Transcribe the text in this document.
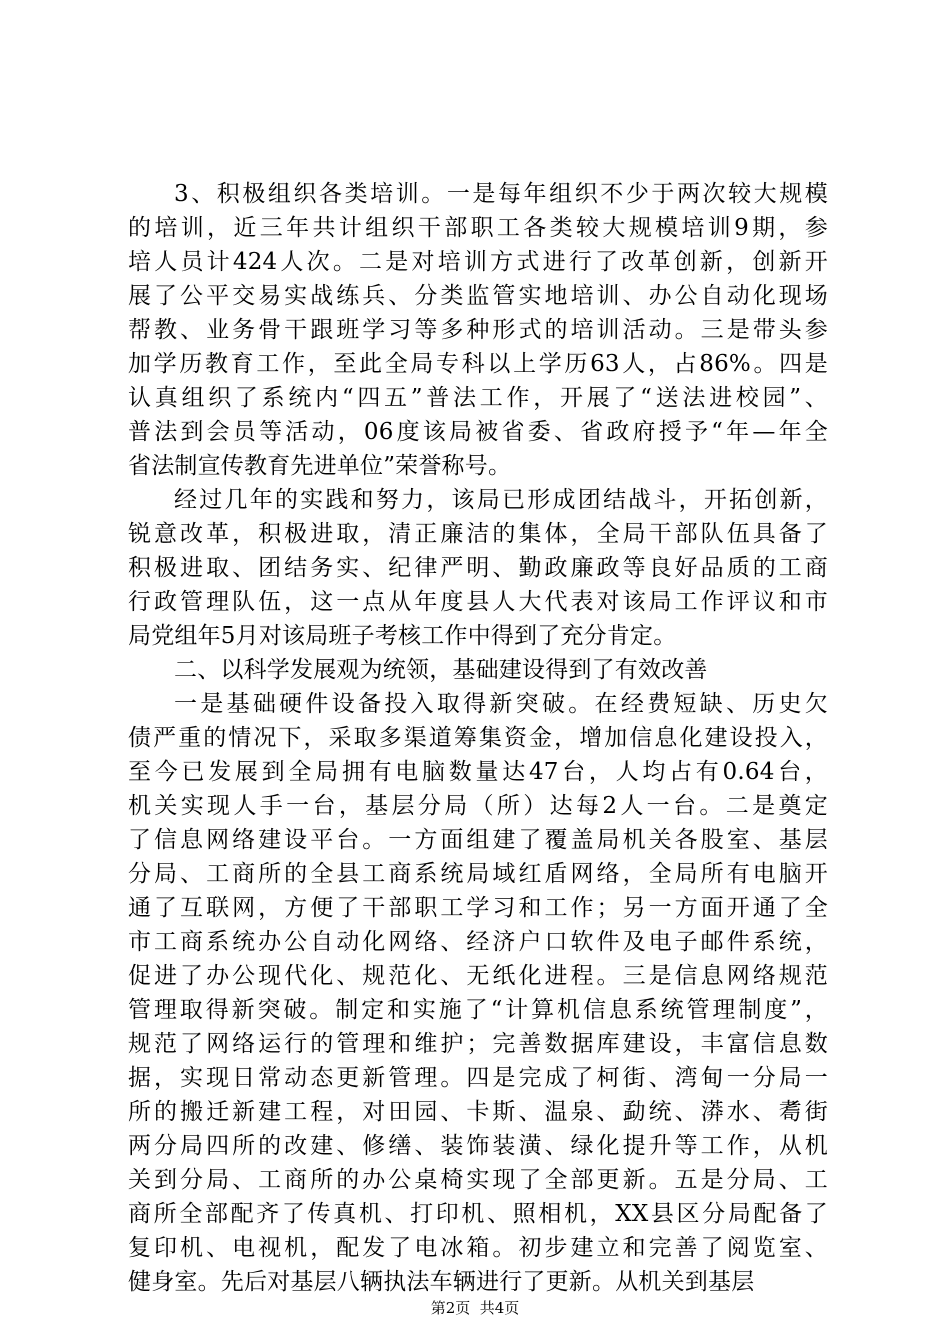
3、积极组织各类培训。一是每年组织不少于两次较大规模
的培训，近三年共计组织干部职工各类较大规模培训9期，参
培人员计424人次。二是对培训方式进行了改革创新，创新开
展了公平交易实战练兵、分类监管实地培训、办公自动化现场
帮教、业务骨干跟班学习等多种形式的培训活动。三是带头参
加学历教育工作，至此全局专科以上学历63人，占86%。四是
认真组织了系统内“四五”普法工作，开展了“送法进校园”、
普法到会员等活动，06度该局被省委、省政府授予“年—年全
省法制宣传教育先进单位”荣誉称号。
经过几年的实践和努力，该局已形成团结战斗，开拓创新，
锐意改革，积极进取，清正廉洁的集体，全局干部队伍具备了
积极进取、团结务实、纪律严明、勤政廉政等良好品质的工商
行政管理队伍，这一点从年度县人大代表对该局工作评议和市
局党组年5月对该局班子考核工作中得到了充分肯定。
二、以科学发展观为统领，基础建设得到了有效改善
一是基础硬件设备投入取得新突破。在经费短缺、历史欠
债严重的情况下，采取多渠道筹集资金，增加信息化建设投入，
至今已发展到全局拥有电脑数量达47台，人均占有0.64台，
机关实现人手一台，基层分局（所）达每2人一台。二是奠定
了信息网络建设平台。一方面组建了覆盖局机关各股室、基层
分局、工商所的全县工商系统局域红盾网络，全局所有电脑开
通了互联网，方便了干部职工学习和工作；另一方面开通了全
市工商系统办公自动化网络、经济户口软件及电子邮件系统，
促进了办公现代化、规范化、无纸化进程。三是信息网络规范
管理取得新突破。制定和实施了“计算机信息系统管理制度”，
规范了网络运行的管理和维护；完善数据库建设，丰富信息数
据，实现日常动态更新管理。四是完成了柯街、湾甸一分局一
所的搬迁新建工程，对田园、卡斯、温泉、勐统、漭水、耈街
两分局四所的改建、修缮、装饰装潢、绿化提升等工作，从机
关到分局、工商所的办公桌椅实现了全部更新。五是分局、工
商所全部配齐了传真机、打印机、照相机，XX县区分局配备了
复印机、电视机，配发了电冰箱。初步建立和完善了阅览室、
健身室。先后对基层八辆执法车辆进行了更新。从机关到基层
第2页  共4页
